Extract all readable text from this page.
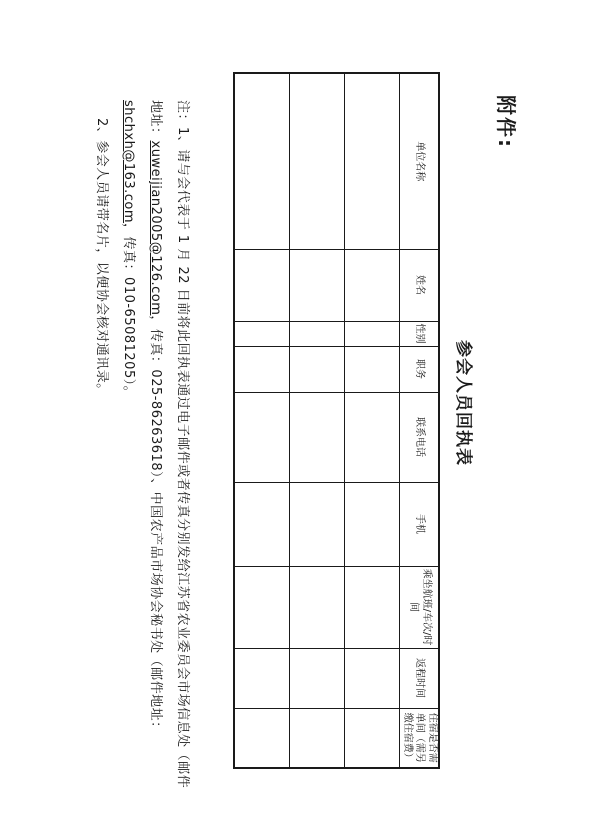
附件:
参会人员回执表
单位名称	姓名	性别	职务	联系电话	手机	乘坐航班/车次/时间	返程时间	住宿是否需单间（需另缴住宿费）

注：1、请与会代表于 1 月 22 日前将此回执表通过电子邮件或者传真分别发给江苏省农业委员会市场信息处（邮件地址：xuweijian2005@126.com，传真：025-86263618）、中国农产品市场协会秘书处（邮件地址：shchxh@163.com，传真：010-65081205）。

2、参会人员请带名片，以便协会核对通讯录。
